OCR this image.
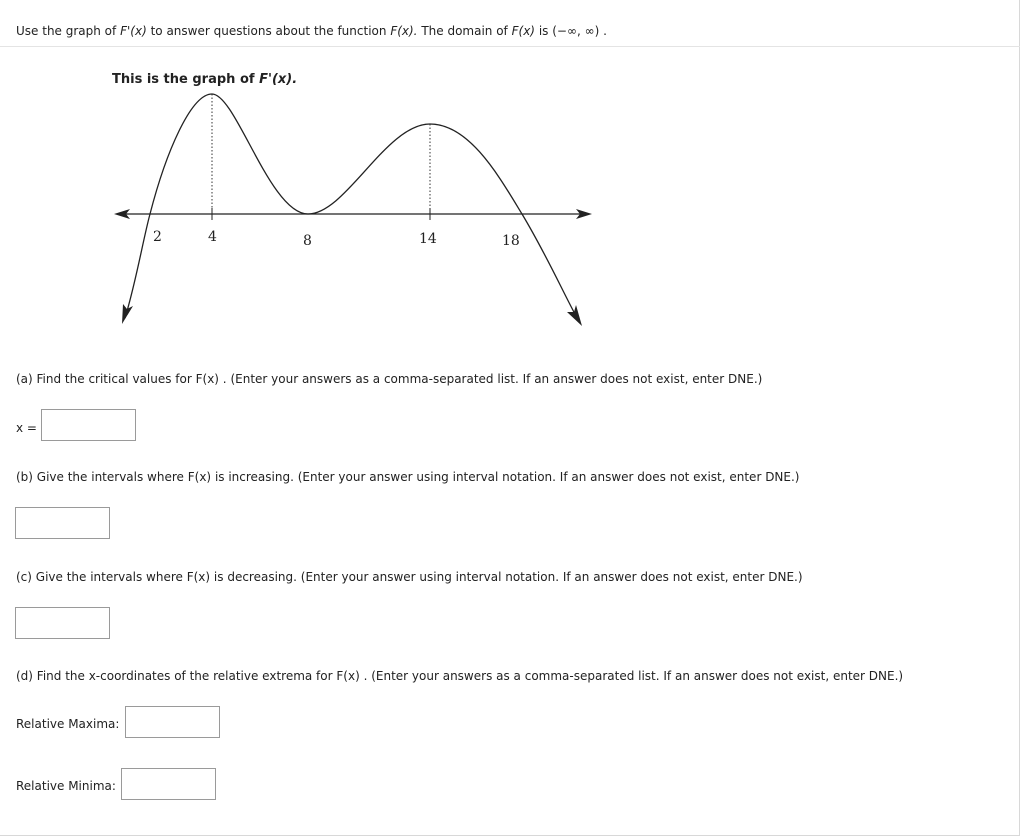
Use the graph of F'(x) to answer questions about the function F(x). The domain of F(x) is (−∞, ∞) .
This is the graph of F'(x).
2	4	8	14	18
(a) Find the critical values for F(x) . (Enter your answers as a comma-separated list. If an answer does not exist, enter DNE.)
x =
(b) Give the intervals where F(x) is increasing. (Enter your answer using interval notation. If an answer does not exist, enter DNE.)
(c) Give the intervals where F(x) is decreasing. (Enter your answer using interval notation. If an answer does not exist, enter DNE.)
(d) Find the x-coordinates of the relative extrema for F(x) . (Enter your answers as a comma-separated list. If an answer does not exist, enter DNE.)
Relative Maxima:
Relative Minima:
